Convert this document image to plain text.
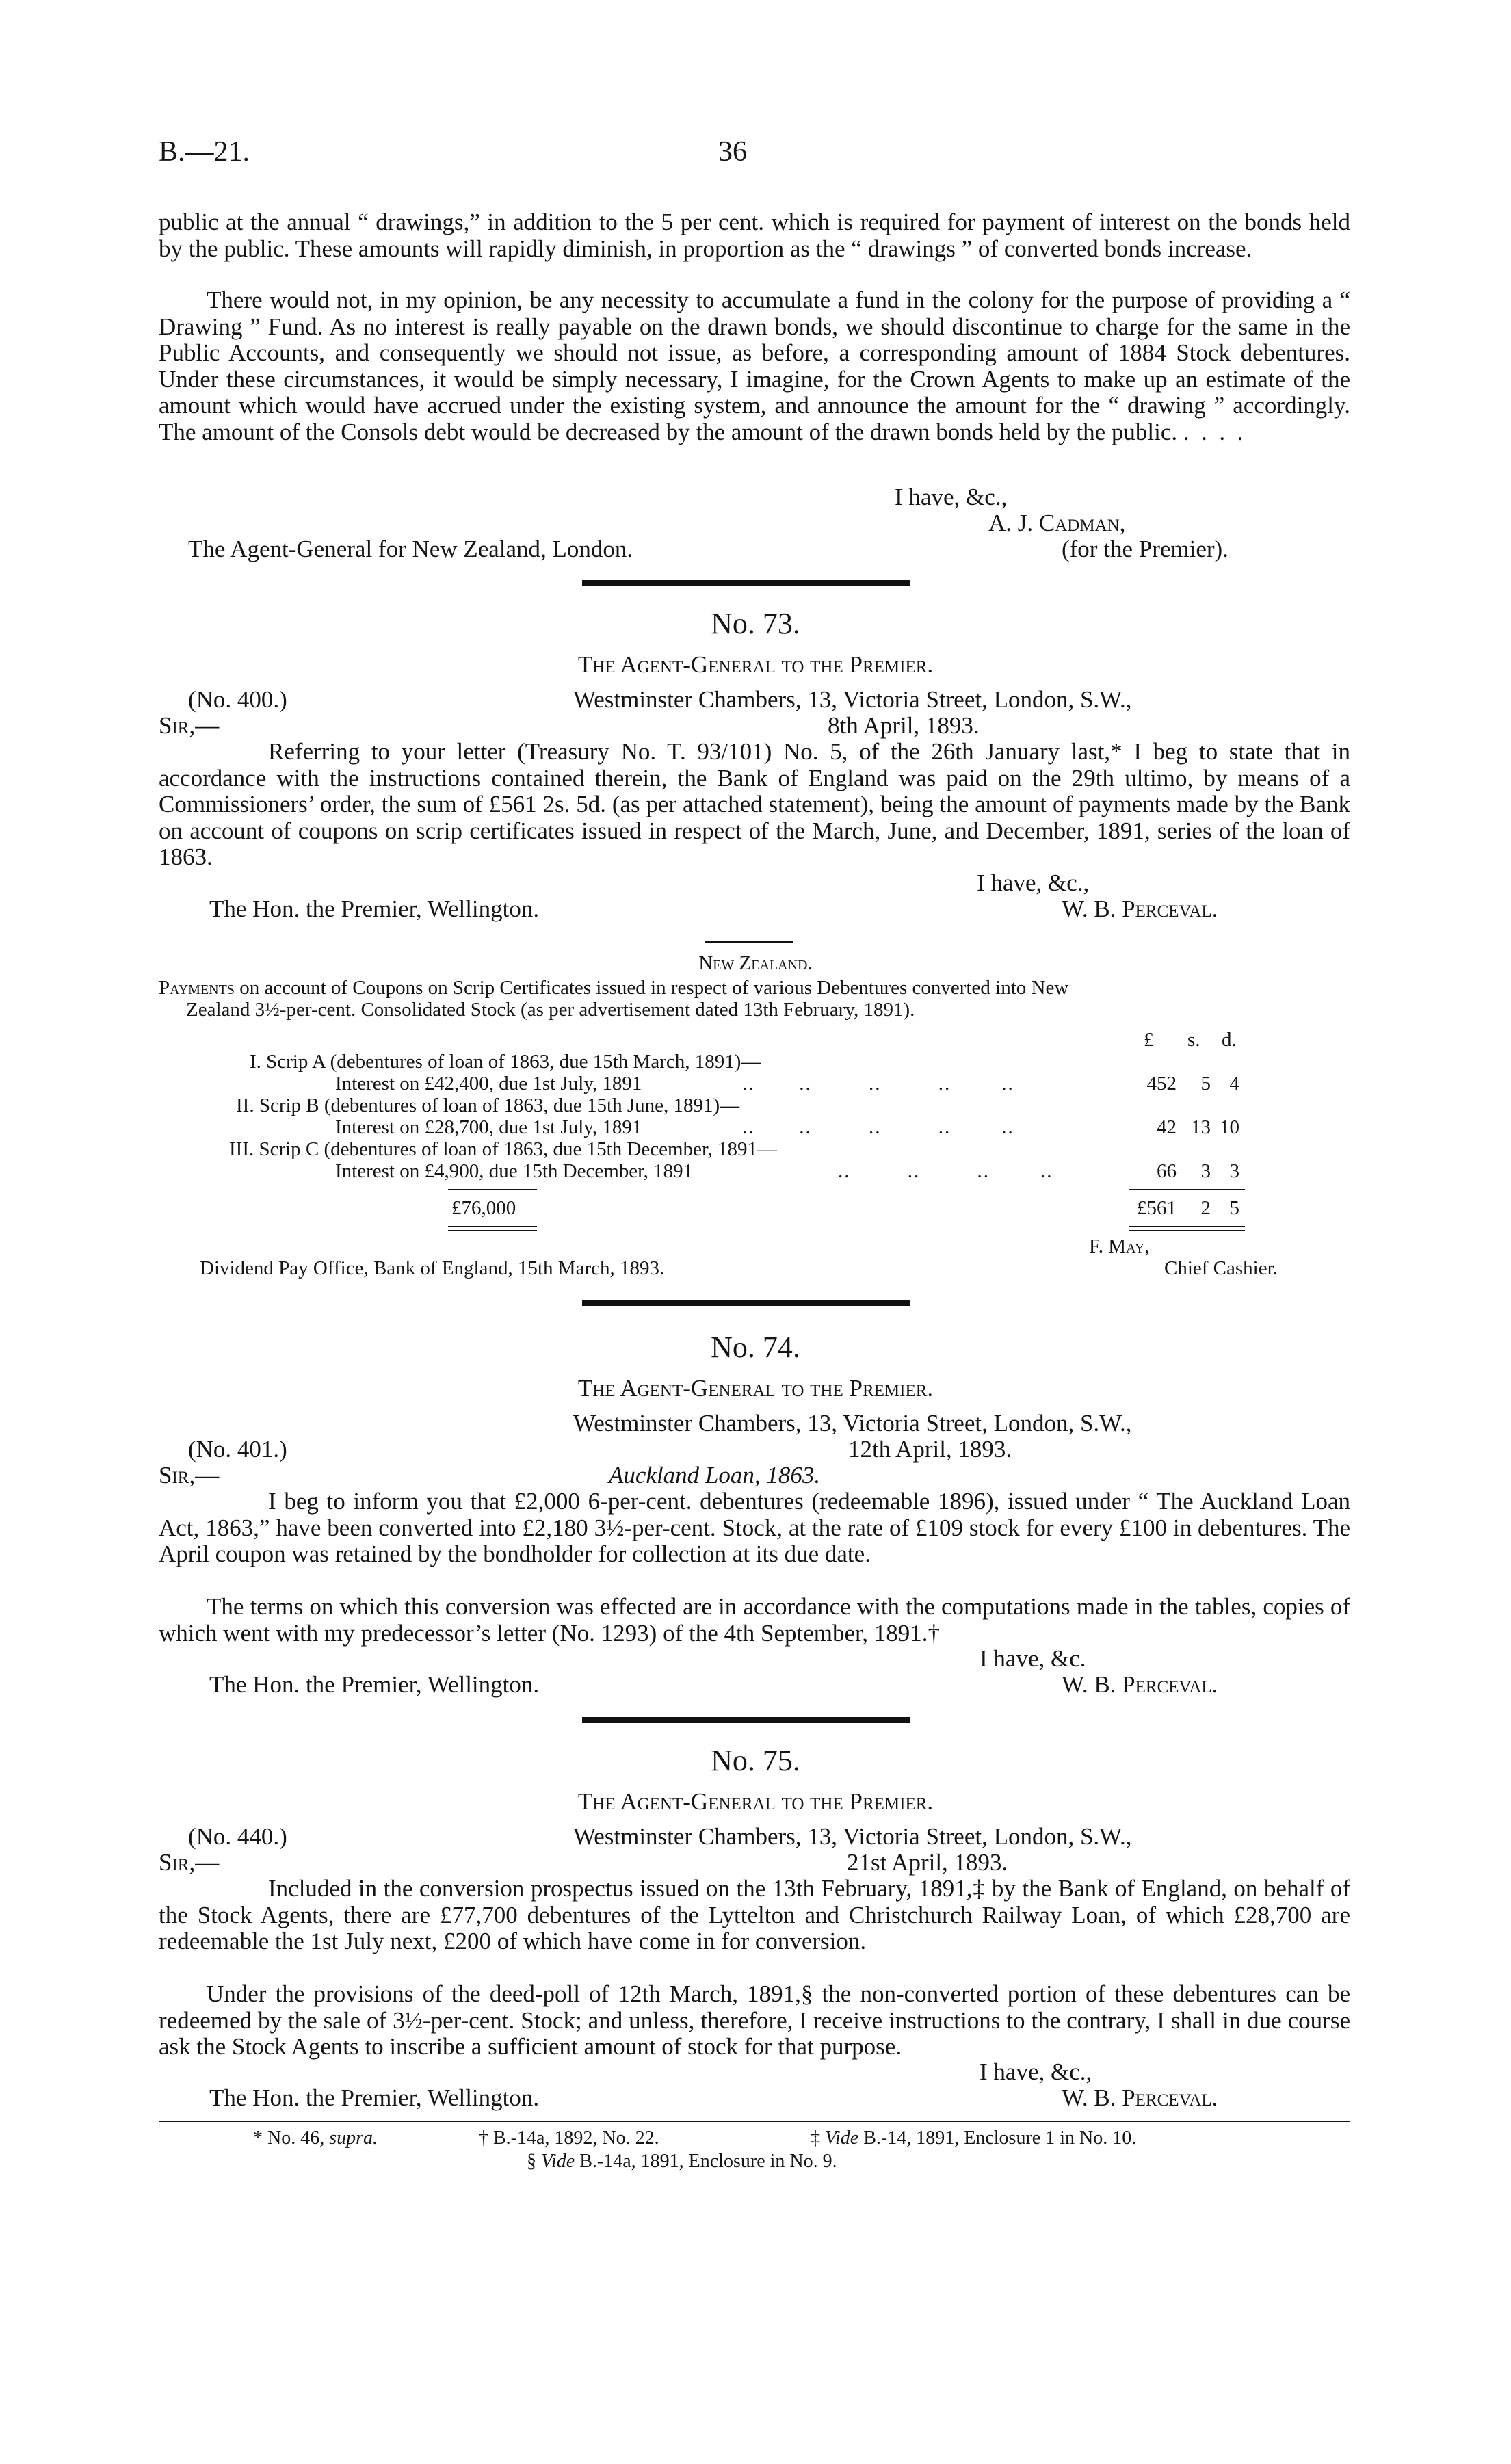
B.—21.	36

public at the annual “ drawings,” in addition to the 5 per cent. which is required for payment of interest on the bonds held by the public. These amounts will rapidly diminish, in proportion as the “ drawings ” of converted bonds increase.

There would not, in my opinion, be any necessity to accumulate a fund in the colony for the purpose of providing a “ Drawing ” Fund. As no interest is really payable on the drawn bonds, we should discontinue to charge for the same in the Public Accounts, and consequently we should not issue, as before, a corresponding amount of 1884 Stock debentures. Under these circumstances, it would be simply necessary, I imagine, for the Crown Agents to make up an estimate of the amount which would have accrued under the existing system, and announce the amount for the “ drawing ” accordingly. The amount of the Consols debt would be decreased by the amount of the drawn bonds held by the public. .  .  .  .

I have, &c.,
A. J. Cadman,
The Agent-General for New Zealand, London.	(for the Premier).
No. 73.
The Agent-General to the Premier.
(No. 400.)	Westminster Chambers, 13, Victoria Street, London, S.W.,
Sir,—	8th April, 1893.

Referring to your letter (Treasury No. T. 93/101) No. 5, of the 26th January last,* I beg to state that in accordance with the instructions contained therein, the Bank of England was paid on the 29th ultimo, by means of a Commissioners’ order, the sum of £561 2s. 5d. (as per attached statement), being the amount of payments made by the Bank on account of coupons on scrip certificates issued in respect of the March, June, and December, 1891, series of the loan of 1863.

I have, &c.,
The Hon. the Premier, Wellington.	W. B. Perceval.
New Zealand.
Payments on account of Coupons on Scrip Certificates issued in respect of various Debentures converted into New
Zealand 3½-per-cent. Consolidated Stock (as per advertisement dated 13th February, 1891).
£ s. d.
I. Scrip A (debentures of loan of 1863, due 15th March, 1891)—
Interest on £42,400, due 1st July, 1891	..       ..         ..         ..        ..	452	5 4
II. Scrip B (debentures of loan of 1863, due 15th June, 1891)—
Interest on £28,700, due 1st July, 1891	..       ..         ..         ..        ..	42 13 10
III. Scrip C (debentures of loan of 1863, due 15th December, 1891—
Interest on £4,900, due 15th December, 1891	..         ..         ..        ..	66	3 3
£76,000	£561	2 5
F. May,
Dividend Pay Office, Bank of England, 15th March, 1893.	Chief Cashier.
No. 74.
The Agent-General to the Premier.
Westminster Chambers, 13, Victoria Street, London, S.W.,
(No. 401.)	12th April, 1893.
Sir,—	Auckland Loan, 1863.

I beg to inform you that £2,000 6-per-cent. debentures (redeemable 1896), issued under “ The Auckland Loan Act, 1863,” have been converted into £2,180 3½-per-cent. Stock, at the rate of £109 stock for every £100 in debentures. The April coupon was retained by the bondholder for collection at its due date.

The terms on which this conversion was effected are in accordance with the computations made in the tables, copies of which went with my predecessor’s letter (No. 1293) of the 4th September, 1891.†

I have, &c.
The Hon. the Premier, Wellington.	W. B. Perceval.
No. 75.
The Agent-General to the Premier.
(No. 440.)	Westminster Chambers, 13, Victoria Street, London, S.W.,
Sir,—	21st April, 1893.

Included in the conversion prospectus issued on the 13th February, 1891,‡ by the Bank of England, on behalf of the Stock Agents, there are £77,700 debentures of the Lyttelton and Christchurch Railway Loan, of which £28,700 are redeemable the 1st July next, £200 of which have come in for conversion.

Under the provisions of the deed-poll of 12th March, 1891,§ the non-converted portion of these debentures can be redeemed by the sale of 3½-per-cent. Stock; and unless, therefore, I receive instructions to the contrary, I shall in due course ask the Stock Agents to inscribe a sufficient amount of stock for that purpose.

I have, &c.,
The Hon. the Premier, Wellington.	W. B. Perceval.
* No. 46, supra.	† B.-14a, 1892, No. 22.	‡ Vide B.-14, 1891, Enclosure 1 in No. 10.
§ Vide B.-14a, 1891, Enclosure in No. 9.
